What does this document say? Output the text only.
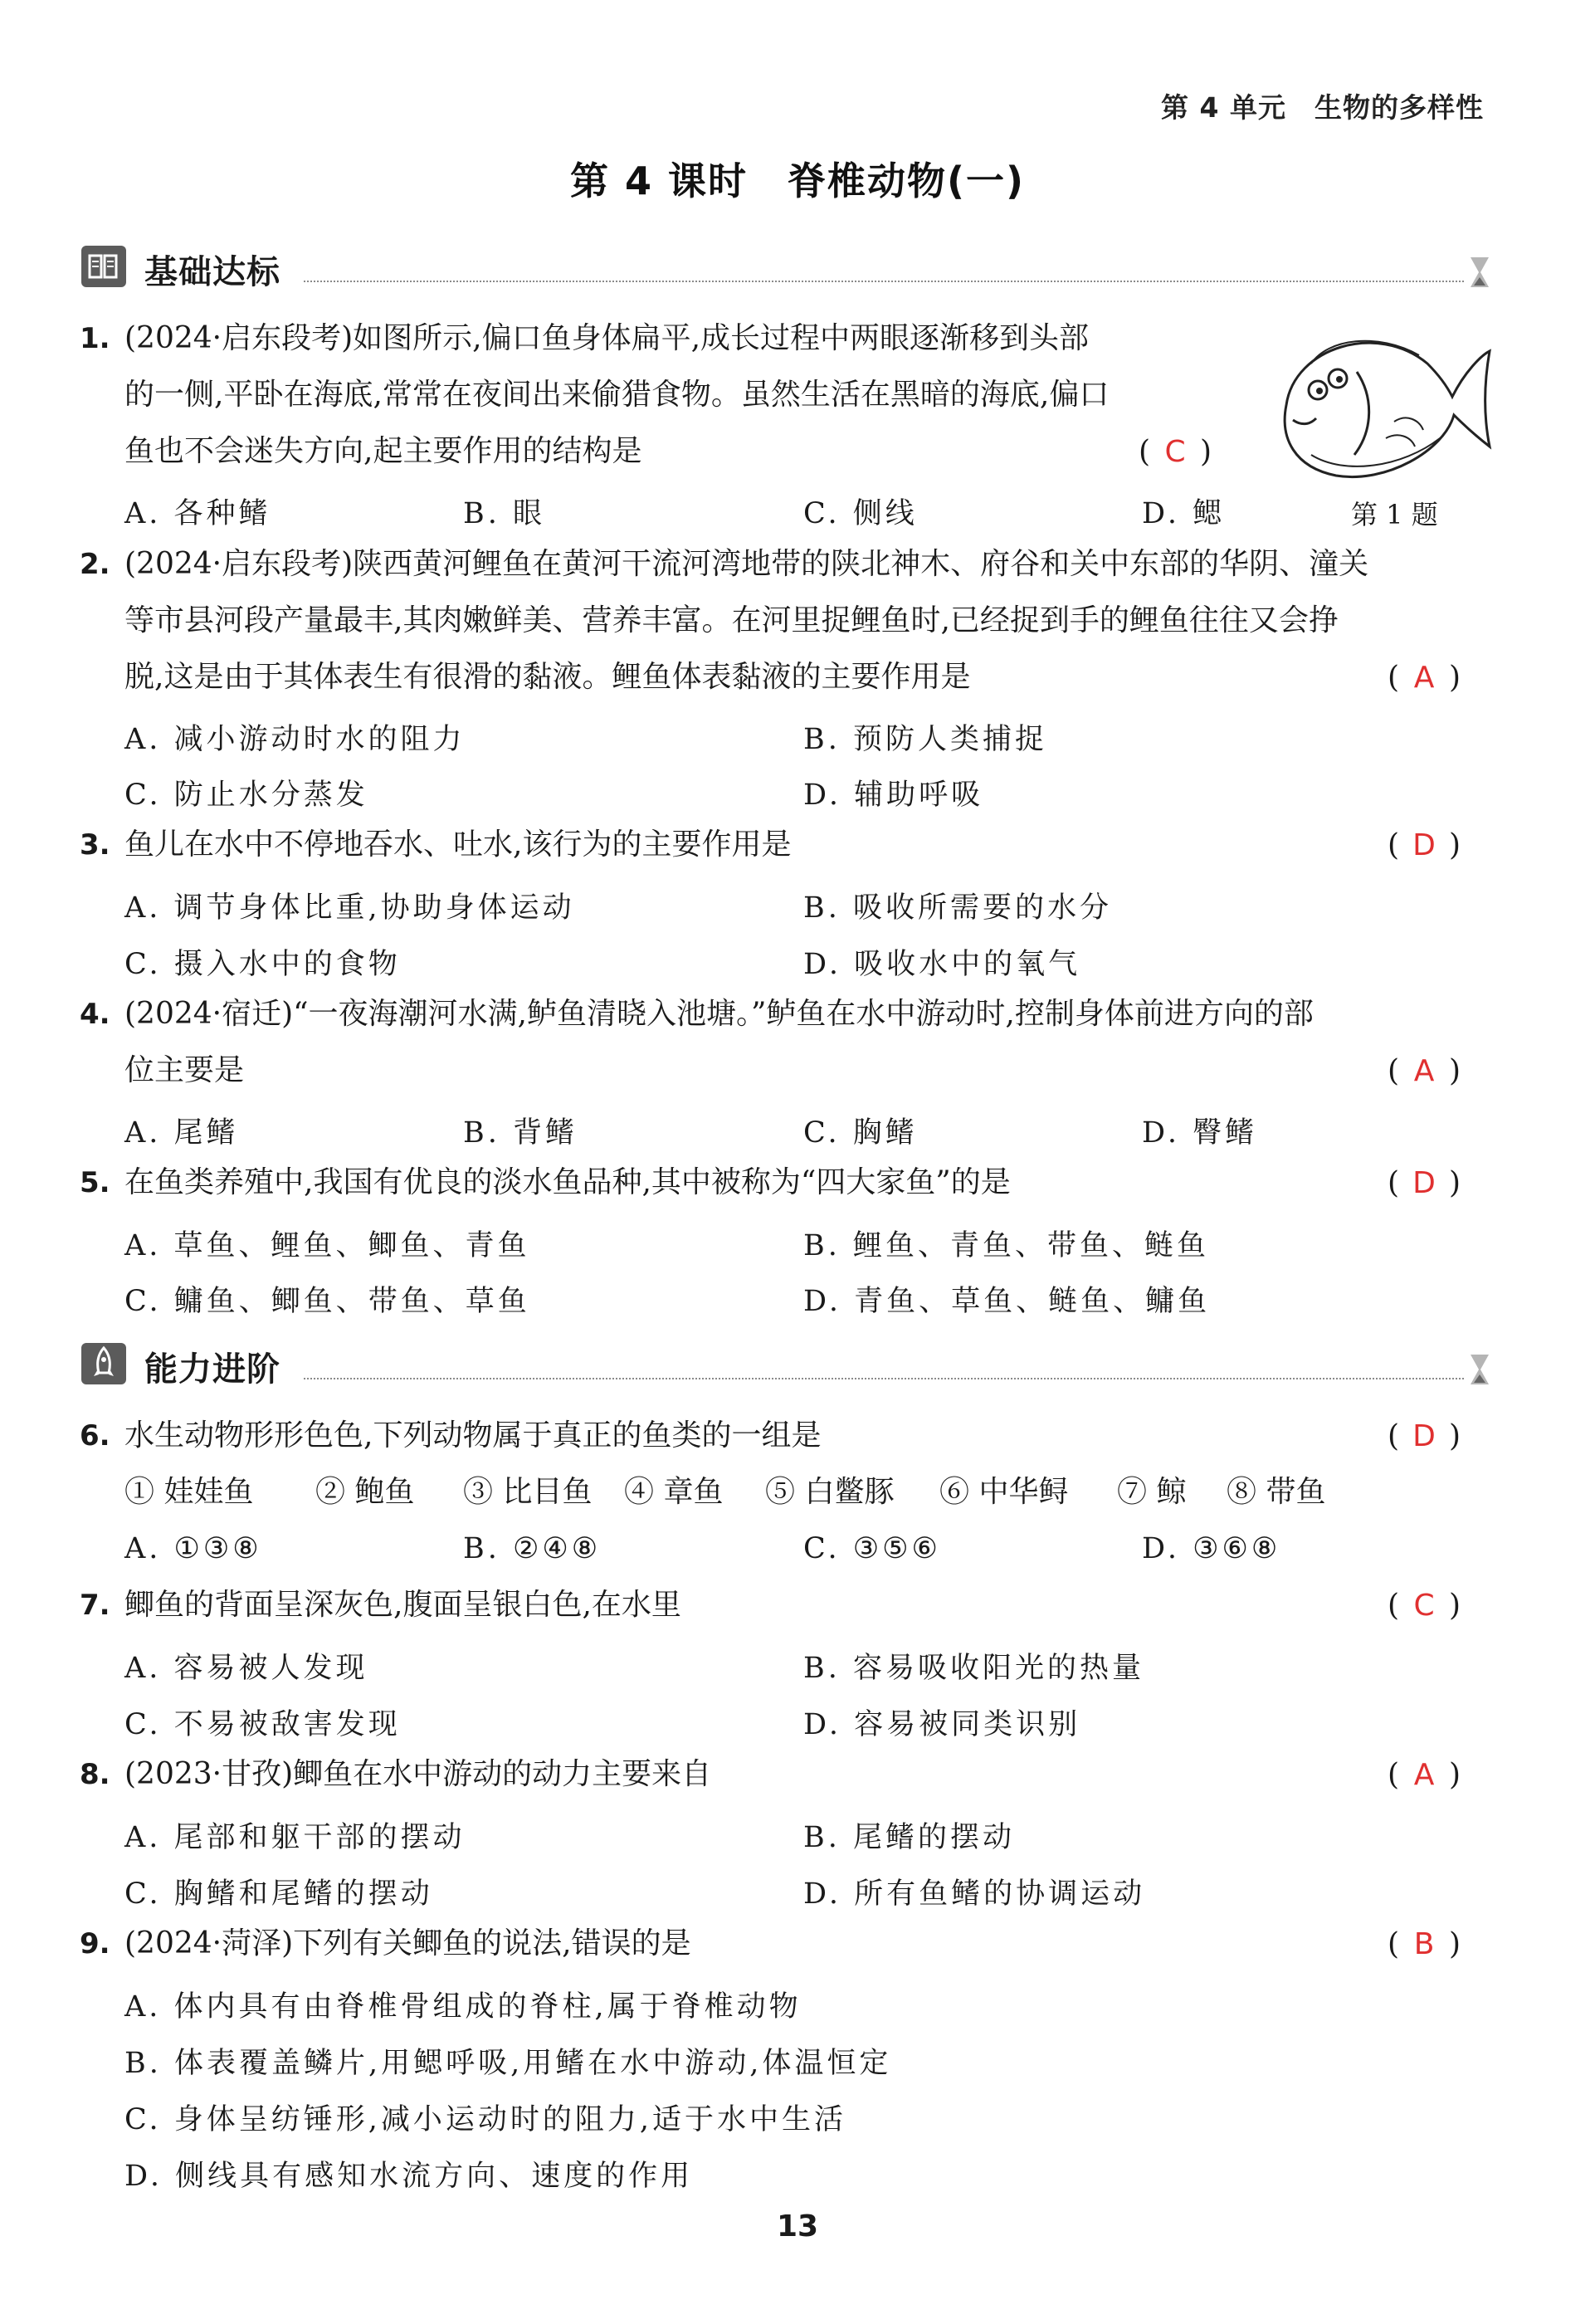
第 4 单元　生物的多样性
第 4 课时　脊椎动物(一)
基础达标
第 1 题
1. (2024·启东段考)如图所示,偏口鱼身体扁平,成长过程中两眼逐渐移到头部
的一侧,平卧在海底,常常在夜间出来偷猎食物。虽然生活在黑暗的海底,偏口
鱼也不会迷失方向,起主要作用的结构是	( C )
A. 各种鳍	B. 眼	C. 侧线	D. 鳃
2. (2024·启东段考)陕西黄河鲤鱼在黄河干流河湾地带的陕北神木、府谷和关中东部的华阴、潼关
等市县河段产量最丰,其肉嫩鲜美、营养丰富。在河里捉鲤鱼时,已经捉到手的鲤鱼往往又会挣
脱,这是由于其体表生有很滑的黏液。鲤鱼体表黏液的主要作用是	( A )
A. 减小游动时水的阻力	B. 预防人类捕捉
C. 防止水分蒸发	D. 辅助呼吸
3. 鱼儿在水中不停地吞水、吐水,该行为的主要作用是	( D )
A. 调节身体比重,协助身体运动	B. 吸收所需要的水分
C. 摄入水中的食物	D. 吸收水中的氧气
4. (2024·宿迁)“一夜海潮河水满,鲈鱼清晓入池塘。”鲈鱼在水中游动时,控制身体前进方向的部
位主要是	( A )
A. 尾鳍	B. 背鳍	C. 胸鳍	D. 臀鳍
5. 在鱼类养殖中,我国有优良的淡水鱼品种,其中被称为“四大家鱼”的是	( D )
A. 草鱼、鲤鱼、鲫鱼、青鱼	B. 鲤鱼、青鱼、带鱼、鲢鱼
C. 鳙鱼、鲫鱼、带鱼、草鱼	D. 青鱼、草鱼、鲢鱼、鳙鱼
能力进阶
6. 水生动物形形色色,下列动物属于真正的鱼类的一组是	( D )
① 娃娃鱼 ② 鲍鱼 ③ 比目鱼 ④ 章鱼 ⑤ 白鳖豚 ⑥ 中华鲟 ⑦ 鲸 ⑧ 带鱼
A. ①③⑧	B. ②④⑧	C. ③⑤⑥	D. ③⑥⑧
7. 鲫鱼的背面呈深灰色,腹面呈银白色,在水里	( C )
A. 容易被人发现	B. 容易吸收阳光的热量
C. 不易被敌害发现	D. 容易被同类识别
8. (2023·甘孜)鲫鱼在水中游动的动力主要来自	( A )
A. 尾部和躯干部的摆动	B. 尾鳍的摆动
C. 胸鳍和尾鳍的摆动	D. 所有鱼鳍的协调运动
9. (2024·菏泽)下列有关鲫鱼的说法,错误的是	( B )
A. 体内具有由脊椎骨组成的脊柱,属于脊椎动物
B. 体表覆盖鳞片,用鳃呼吸,用鳍在水中游动,体温恒定
C. 身体呈纺锤形,减小运动时的阻力,适于水中生活
D. 侧线具有感知水流方向、速度的作用
13
